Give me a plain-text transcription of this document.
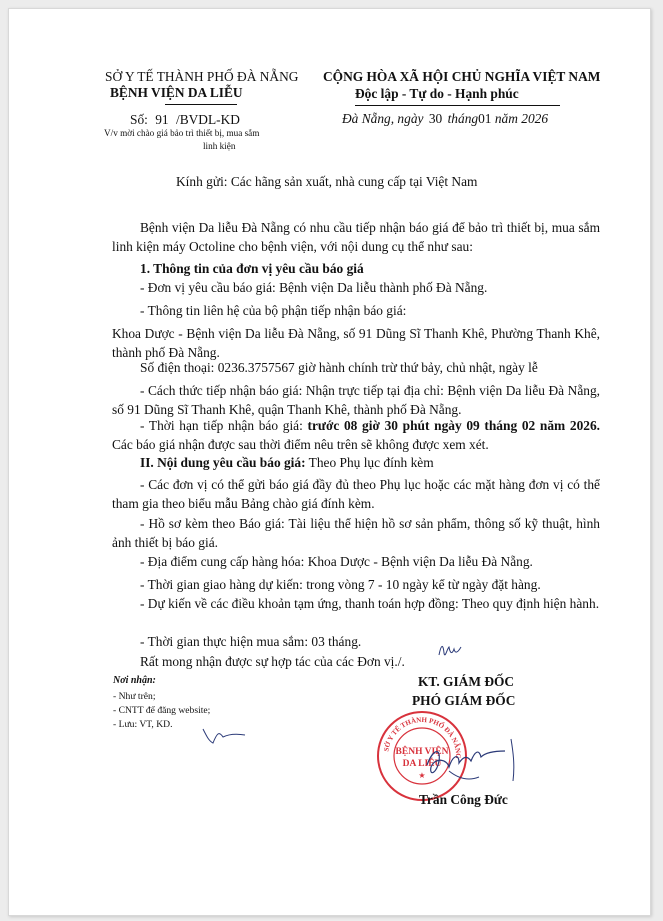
SỞ Y TẾ THÀNH PHỐ ĐÀ NẴNG
BỆNH VIỆN DA LIỄU
Số: 91 /BVDL-KD
V/v mời chào giá bảo trì thiết bị, mua sắm
linh kiện
CỘNG HÒA XÃ HỘI CHỦ NGHĨA VIỆT NAM
Độc lập - Tự do - Hạnh phúc
Đà Nẵng, ngày 30 tháng01 năm 2026
Kính gửi: Các hãng sản xuất, nhà cung cấp tại Việt Nam
Bệnh viện Da liễu Đà Nẵng có nhu cầu tiếp nhận báo giá để bảo trì thiết bị, mua sắm linh kiện máy Octoline cho bệnh viện, với nội dung cụ thể như sau:
1. Thông tin của đơn vị yêu cầu báo giá
- Đơn vị yêu cầu báo giá: Bệnh viện Da liễu thành phố Đà Nẵng.
- Thông tin liên hệ của bộ phận tiếp nhận báo giá:
Khoa Dược - Bệnh viện Da liễu Đà Nẵng, số 91 Dũng Sĩ Thanh Khê, Phường Thanh Khê, thành phố Đà Nẵng.
Số điện thoại: 0236.3757567 giờ hành chính trừ thứ bảy, chủ nhật, ngày lễ
- Cách thức tiếp nhận báo giá: Nhận trực tiếp tại địa chỉ: Bệnh viện Da liễu Đà Nẵng, số 91 Dũng Sĩ Thanh Khê, quận Thanh Khê, thành phố Đà Nẵng.
- Thời hạn tiếp nhận báo giá: trước 08 giờ 30 phút ngày 09 tháng 02 năm 2026. Các báo giá nhận được sau thời điểm nêu trên sẽ không được xem xét.
II. Nội dung yêu cầu báo giá: Theo Phụ lục đính kèm
- Các đơn vị có thể gửi báo giá đầy đủ theo Phụ lục hoặc các mặt hàng đơn vị có thể tham gia theo biểu mẫu Bảng chào giá đính kèm.
- Hồ sơ kèm theo Báo giá: Tài liệu thể hiện hồ sơ sản phẩm, thông số kỹ thuật, hình ảnh thiết bị báo giá.
- Địa điểm cung cấp hàng hóa: Khoa Dược - Bệnh viện Da liễu Đà Nẵng.
- Thời gian giao hàng dự kiến: trong vòng 7 - 10 ngày kể từ ngày đặt hàng.
- Dự kiến về các điều khoản tạm ứng, thanh toán hợp đồng: Theo quy định hiện hành.
- Thời gian thực hiện mua sắm: 03 tháng.
Rất mong nhận được sự hợp tác của các Đơn vị./.
Nơi nhận:
- Như trên;
- CNTT để đăng website;
- Lưu: VT, KD.
KT. GIÁM ĐỐC
PHÓ GIÁM ĐỐC
SỞ Y TẾ THÀNH PHỐ ĐÀ NẴNG
BỆNH VIỆN
DA LIỄU
★
Trần Công Đức
